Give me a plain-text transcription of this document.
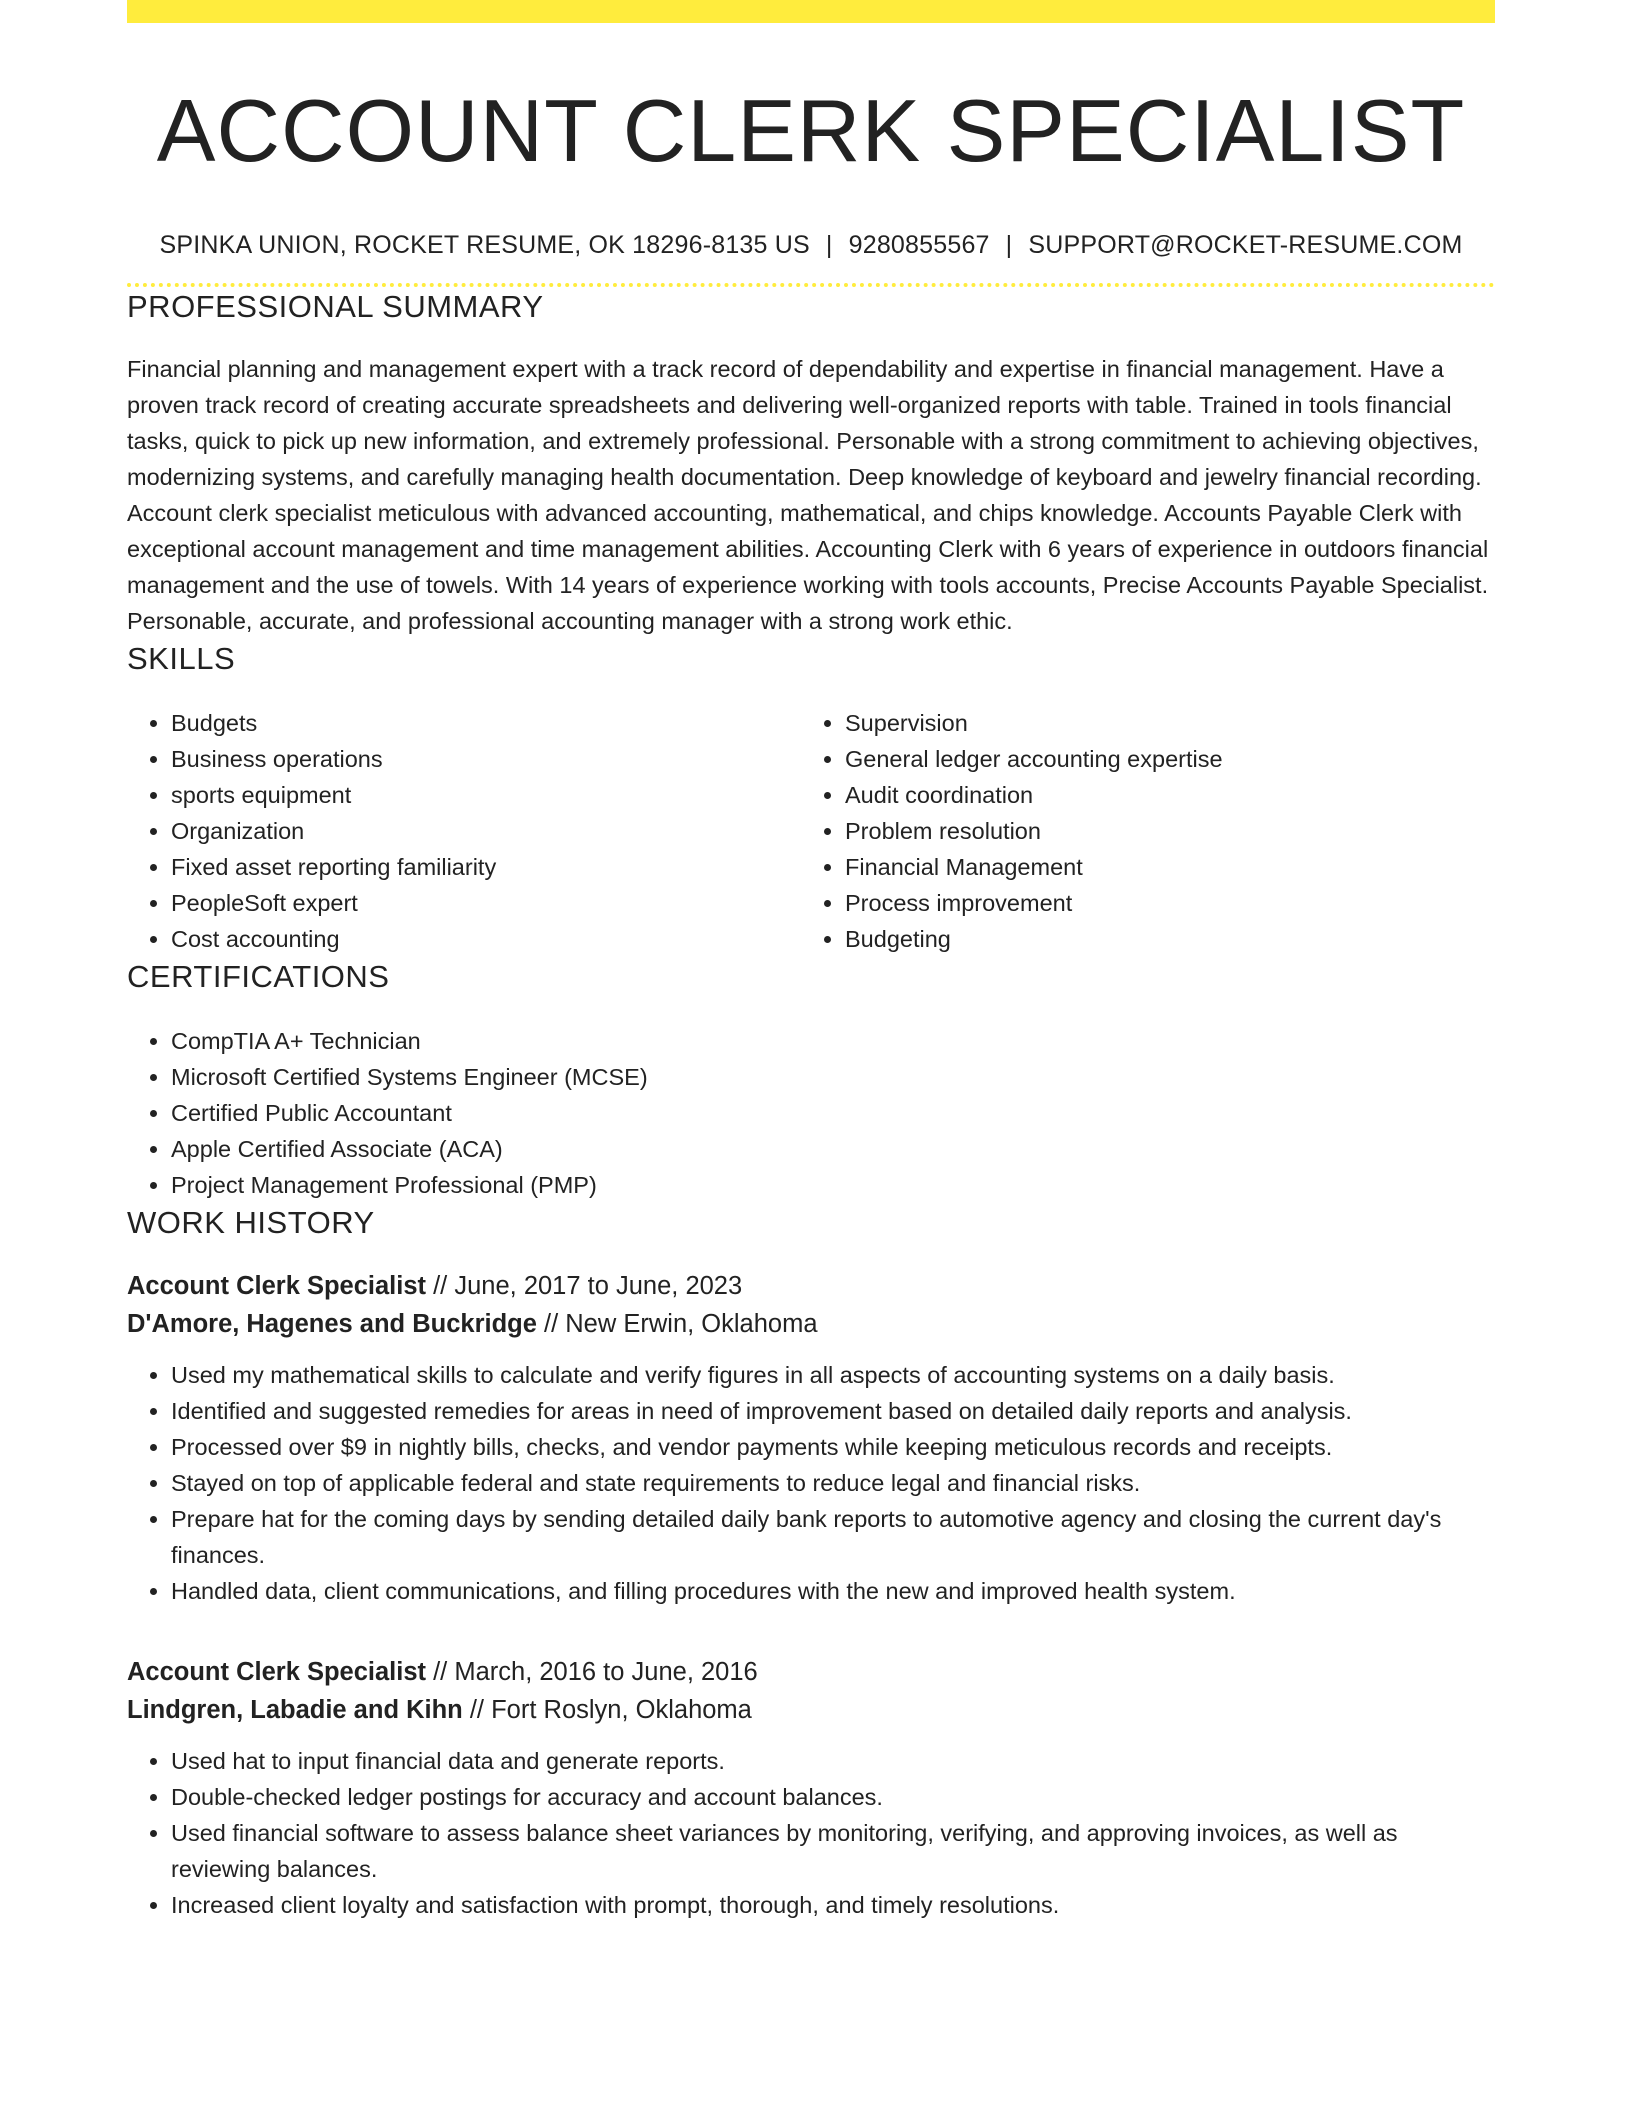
ACCOUNT CLERK SPECIALIST
SPINKA UNION, ROCKET RESUME, OK 18296-8135 US | 9280855567 | SUPPORT@ROCKET-RESUME.COM
PROFESSIONAL SUMMARY

Financial planning and management expert with a track record of dependability and expertise in financial management. Have a proven track record of creating accurate spreadsheets and delivering well-organized reports with table. Trained in tools financial tasks, quick to pick up new information, and extremely professional. Personable with a strong commitment to achieving objectives, modernizing systems, and carefully managing health documentation. Deep knowledge of keyboard and jewelry financial recording. Account clerk specialist meticulous with advanced accounting, mathematical, and chips knowledge. Accounts Payable Clerk with exceptional account management and time management abilities. Accounting Clerk with 6 years of experience in outdoors financial management and the use of towels. With 14 years of experience working with tools accounts, Precise Accounts Payable Specialist. Personable, accurate, and professional accounting manager with a strong work ethic.

SKILLS
• Budgets
• Business operations
• sports equipment
• Organization
• Fixed asset reporting familiarity
• PeopleSoft expert
• Cost accounting
• Supervision
• General ledger accounting expertise
• Audit coordination
• Problem resolution
• Financial Management
• Process improvement
• Budgeting
CERTIFICATIONS
• CompTIA A+ Technician
• Microsoft Certified Systems Engineer (MCSE)
• Certified Public Accountant
• Apple Certified Associate (ACA)
• Project Management Professional (PMP)
WORK HISTORY
Account Clerk Specialist // June, 2017 to June, 2023
D'Amore, Hagenes and Buckridge // New Erwin, Oklahoma
• Used my mathematical skills to calculate and verify figures in all aspects of accounting systems on a daily basis.
• Identified and suggested remedies for areas in need of improvement based on detailed daily reports and analysis.
• Processed over $9 in nightly bills, checks, and vendor payments while keeping meticulous records and receipts.
• Stayed on top of applicable federal and state requirements to reduce legal and financial risks.
• Prepare hat for the coming days by sending detailed daily bank reports to automotive agency and closing the current day's finances.
• Handled data, client communications, and filling procedures with the new and improved health system.
Account Clerk Specialist // March, 2016 to June, 2016
Lindgren, Labadie and Kihn // Fort Roslyn, Oklahoma
• Used hat to input financial data and generate reports.
• Double-checked ledger postings for accuracy and account balances.
• Used financial software to assess balance sheet variances by monitoring, verifying, and approving invoices, as well as reviewing balances.
• Increased client loyalty and satisfaction with prompt, thorough, and timely resolutions.
